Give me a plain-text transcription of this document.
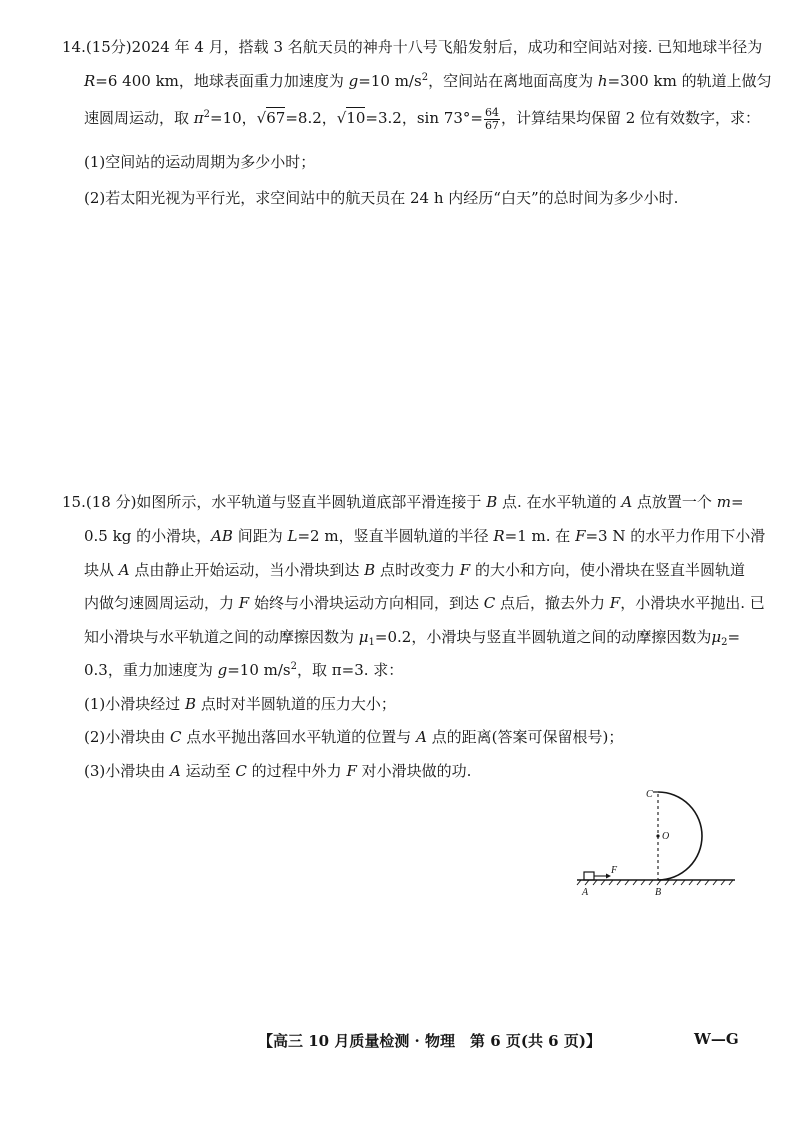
14.(15分)2024 年 4 月，搭载 3 名航天员的神舟十八号飞船发射后，成功和空间站对接. 已知地球半径为
R=6 400 km，地球表面重力加速度为 g=10 $m/s^2$，空间站在离地面高度为 h=300 km 的轨道上做匀
速圆周运动，取 $\pi^2=10$，√67=8.2，√10=3.2，$\sin 73^\circ= \frac{64}{67}$ ，计算结果均保留 2 位有效数字，求：
(1)空间站的运动周期为多少小时；
(2)若太阳光视为平行光，求空间站中的航天员在 24 h 内经历“白天”的总时间为多少小时.
15.(18 分)如图所示，水平轨道与竖直半圆轨道底部平滑连接于 B 点. 在水平轨道的 A 点放置一个 m=
0.5 kg 的小滑块，AB 间距为 L=2 m，竖直半圆轨道的半径 R=1 m. 在 F=3 N 的水平力作用下小滑
块从 A 点由静止开始运动，当小滑块到达 B 点时改变力 F 的大小和方向，使小滑块在竖直半圆轨道
内做匀速圆周运动，力 F 始终与小滑块运动方向相同，到达 C 点后，撤去外力 F，小滑块水平抛出. 已
知小滑块与水平轨道之间的动摩擦因数为 $\mu_1=0.2$，小滑块与竖直半圆轨道之间的动摩擦因数为$\mu_2=$
0.3，重力加速度为 g=10 $m/s^2$，取 π=3. 求：
(1)小滑块经过 B 点时对半圆轨道的压力大小；
(2)小滑块由 C 点水平抛出落回水平轨道的位置与 A 点的距离(答案可保留根号)；
(3)小滑块由 A 运动至 C 的过程中外力 F 对小滑块做的功.
C
O
F
A	B
【高三 10 月质量检测 · 物理　第 6 页(共 6 页)】	W—G
